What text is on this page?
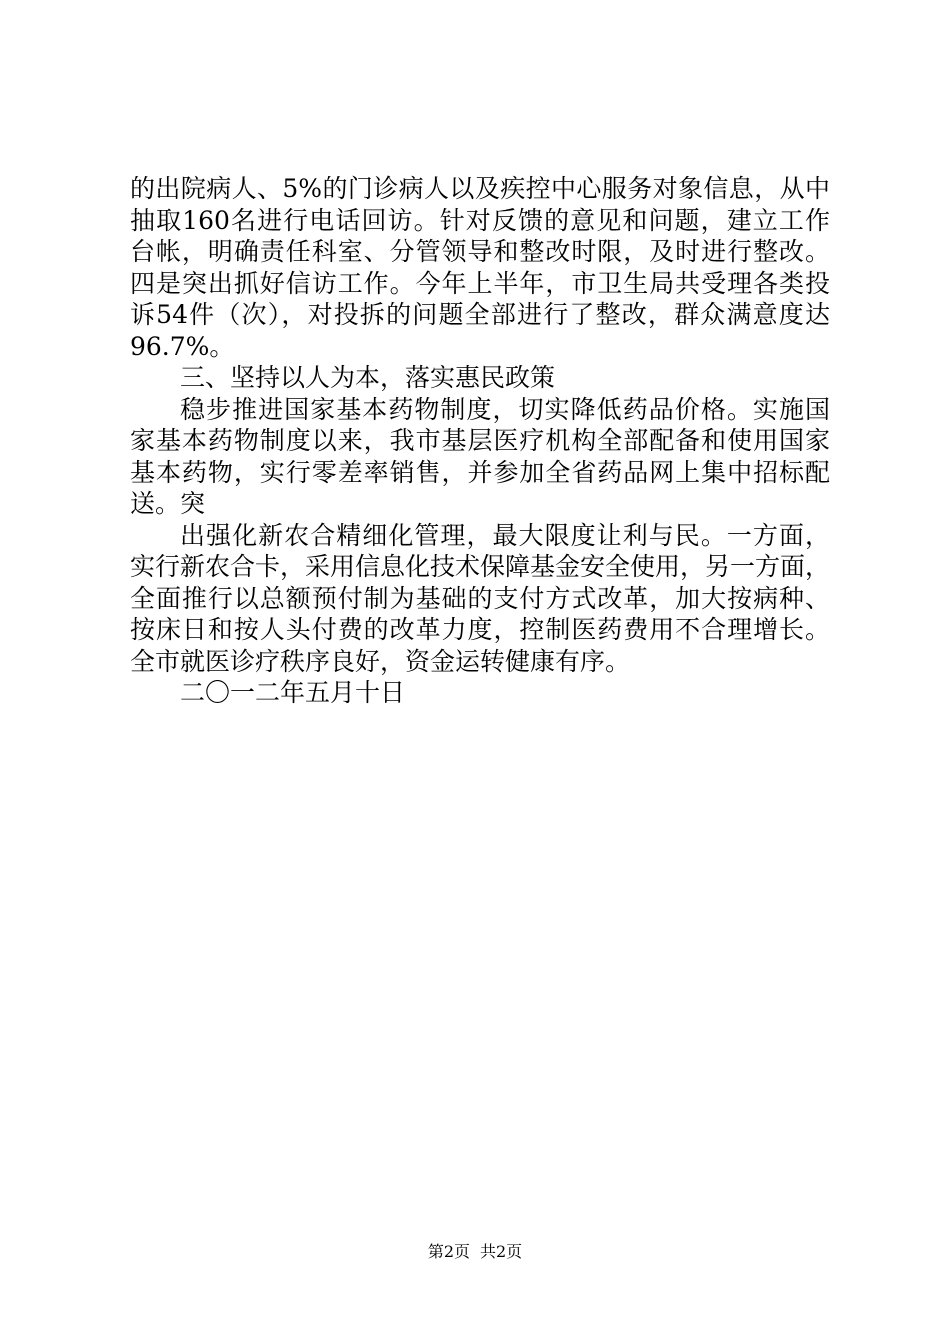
的出院病人、5%的门诊病人以及疾控中心服务对象信息，从中
抽取160名进行电话回访。针对反馈的意见和问题，建立工作
台帐，明确责任科室、分管领导和整改时限，及时进行整改。
四是突出抓好信访工作。今年上半年，市卫生局共受理各类投
诉54件（次），对投拆的问题全部进行了整改，群众满意度达
96.7%。
三、坚持以人为本，落实惠民政策
稳步推进国家基本药物制度，切实降低药品价格。实施国
家基本药物制度以来，我市基层医疗机构全部配备和使用国家
基本药物，实行零差率销售，并参加全省药品网上集中招标配
送。突
出强化新农合精细化管理，最大限度让利与民。一方面，
实行新农合卡，采用信息化技术保障基金安全使用，另一方面，
全面推行以总额预付制为基础的支付方式改革，加大按病种、
按床日和按人头付费的改革力度，控制医药费用不合理增长。
全市就医诊疗秩序良好，资金运转健康有序。
二〇一二年五月十日
第2页 共2页
